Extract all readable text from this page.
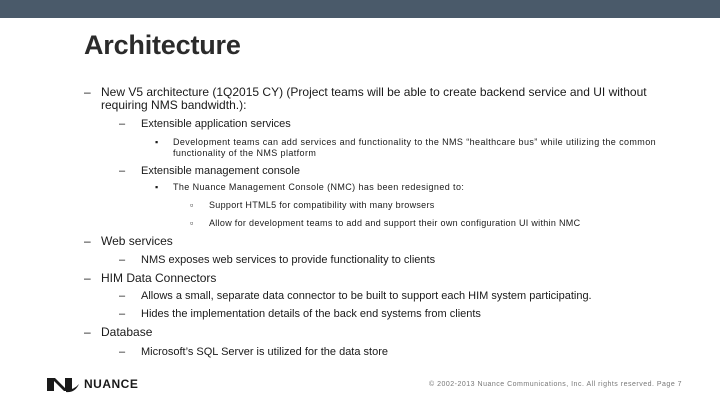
Architecture
– New V5 architecture (1Q2015 CY) (Project teams will be able to create backend service and UI without requiring NMS bandwidth.):
– Extensible application services
▪ Development teams can add services and functionality to the NMS “healthcare bus” while utilizing the common functionality of the NMS platform
– Extensible management console
▪ The Nuance Management Console (NMC) has been redesigned to:
▫ Support HTML5 for compatibility with many browsers
▫ Allow for development teams to add and support their own configuration UI within NMC
– Web services
– NMS exposes web services to provide functionality to clients
– HIM Data Connectors
– Allows a small, separate data connector to be built to support each HIM system participating.
– Hides the implementation details of the back end systems from clients
– Database
– Microsoft’s SQL Server is utilized for the data store
NUANCE	© 2002-2013 Nuance Communications, Inc. All rights reserved. Page 7
